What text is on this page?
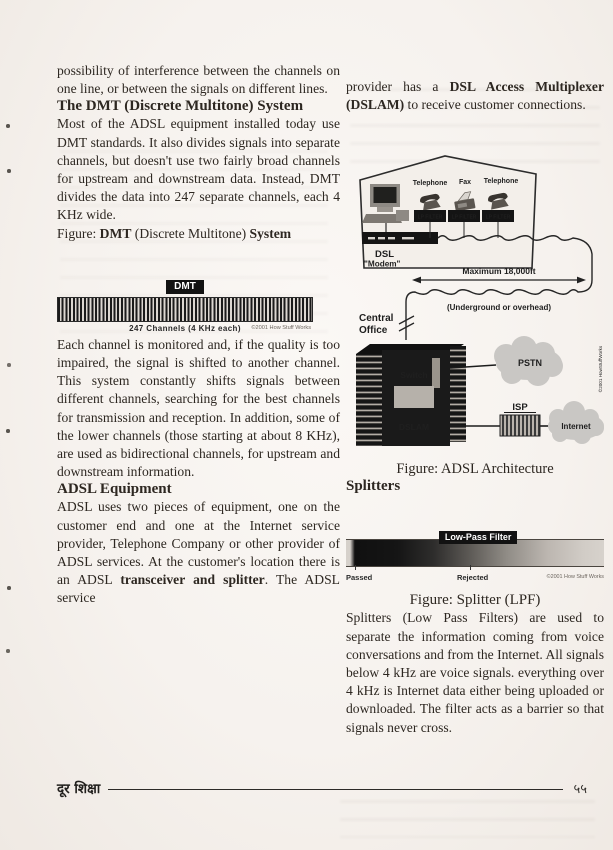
possibility of interference between the channels on one line, or between the signals on different lines.

The DMT (Discrete Multitone) System

Most of the ADSL equipment installed today use DMT standards. It also divides signals into separate channels, but doesn't use two fairly broad channels for upstream and downstream data. Instead, DMT divides the data into 247 separate channels, each 4 KHz wide.

Figure: DMT (Discrete Multitone) System

DMT
247 Channels (4 KHz each)	©2001 How Stuff Works

Each channel is monitored and, if the quality is too impaired, the signal is shifted to another channel. This system constantly shifts signals between different channels, searching for the best channels for transmission and reception. In addition, some of the lower channels (those starting at about 8 KHz), are used as bidirectional channels, for upstream and downstream information.

ADSL Equipment

ADSL uses two pieces of equipment, one on the customer end and one at the Internet service provider, Telephone Company or other provider of ADSL services. At the customer's location there is an ADSL transceiver and splitter. The ADSL service

provider has a DSL Access Multiplexer (DSLAM) to receive customer connections.

DSL
"Modem"
Telephone Fax Telephone
LP FILTER LP FILTER LP FILTER
Maximum 18,000ft
(Underground or overhead)
Central
Office
Switch
DSLAM
PSTN
ISP
Internet
©2001 HowStuffWorks

Figure: ADSL Architecture

Splitters
Low-Pass Filter
Passed	Rejected	©2001 How Stuff Works

Figure: Splitter (LPF)

Splitters (Low Pass Filters) are used to separate the information coming from voice conversations and from the Internet. All signals below 4 kHz are voice signals. everything over 4 kHz is Internet data either being uploaded or downloaded. The filter acts as a barrier so that signals never cross.

दूर शिक्षा	५५
